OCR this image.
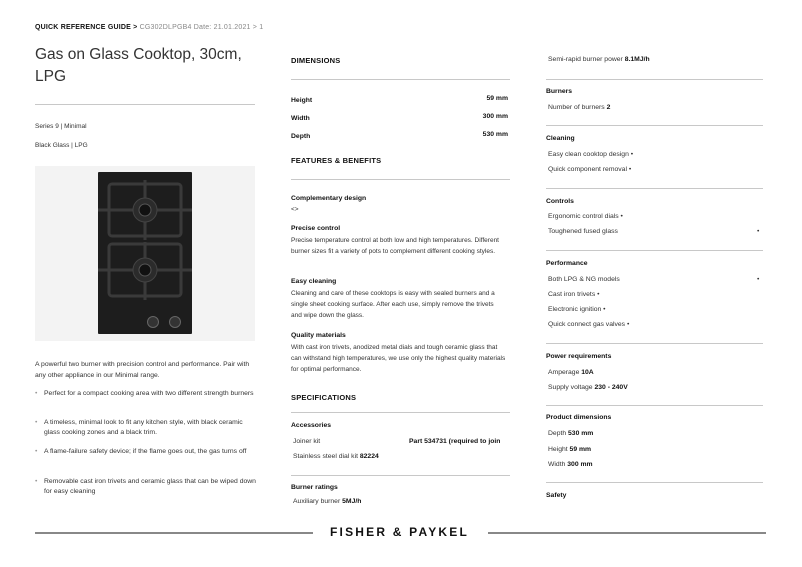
QUICK REFERENCE GUIDE > CG302DLPGB4 Date: 21.01.2021 > 1
Gas on Glass Cooktop, 30cm,
LPG
Series 9 | Minimal
Black Glass | LPG
A powerful two burner with precision control and performance. Pair with any other appliance in our Minimal range.
• Perfect for a compact cooking area with two different strength burners
• A timeless, minimal look to fit any kitchen style, with black ceramic glass cooking zones and a black trim.
• A flame-failure safety device; if the flame goes out, the gas turns off
• Removable cast iron trivets and ceramic glass that can be wiped down for easy cleaning
DIMENSIONS
Height	59 mm
Width	300 mm
Depth	530 mm
FEATURES & BENEFITS
Complementary design
<>
Precise control
Precise temperature control at both low and high temperatures. Different burner sizes fit a variety of pots to complement different cooking styles.
Easy cleaning
Cleaning and care of these cooktops is easy with sealed burners and a single sheet cooking surface. After each use, simply remove the trivets and wipe down the glass.
Quality materials
With cast iron trivets, anodized metal dials and tough ceramic glass that can withstand high temperatures, we use only the highest quality materials for optimal performance.
SPECIFICATIONS
Accessories
Joiner kit	Part 534731 (required to join
Stainless steel dial kit 82224
Burner ratings
Auxiliary burner 5MJ/h
Semi-rapid burner power 8.1MJ/h
Burners
Number of burners 2
Cleaning
Easy clean cooktop design •
Quick component removal •
Controls
Ergonomic control dials •
Toughened fused glass	•
Performance
Both LPG & NG models	•
Cast iron trivets •
Electronic ignition •
Quick connect gas valves •
Power requirements
Amperage 10A
Supply voltage 230 - 240V
Product dimensions
Depth 530 mm
Height 59 mm
Width 300 mm
Safety
FISHER & PAYKEL
